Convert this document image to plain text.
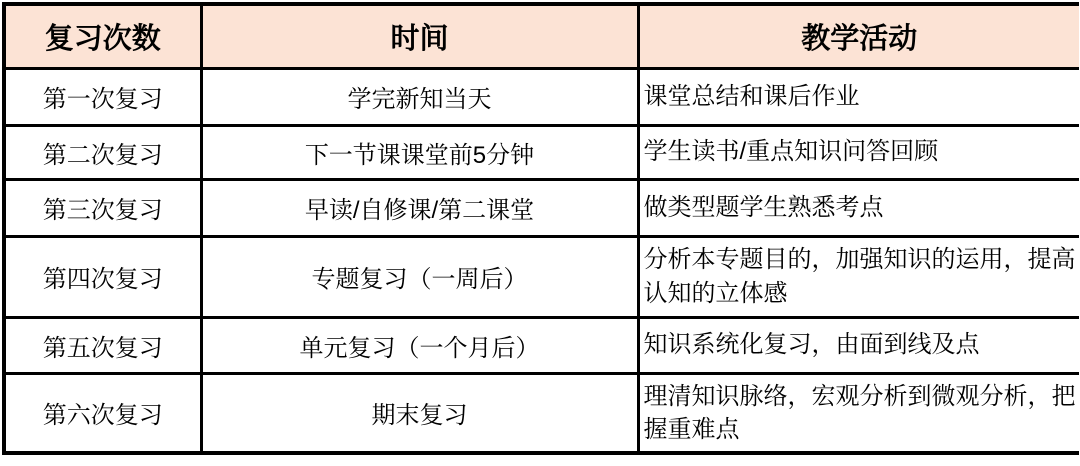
复习次数	时间	教学活动
第一次复习	学完新知当天	课堂总结和课后作业
第二次复习	下一节课课堂前5分钟	学生读书/重点知识问答回顾
第三次复习	早读/自修课/第二课堂	做类型题学生熟悉考点
第四次复习	专题复习（一周后）	分析本专题目的，加强知识的运用，提高认知的立体感
第五次复习	单元复习（一个月后）	知识系统化复习，由面到线及点
第六次复习	期末复习	理清知识脉络，宏观分析到微观分析，把握重难点
